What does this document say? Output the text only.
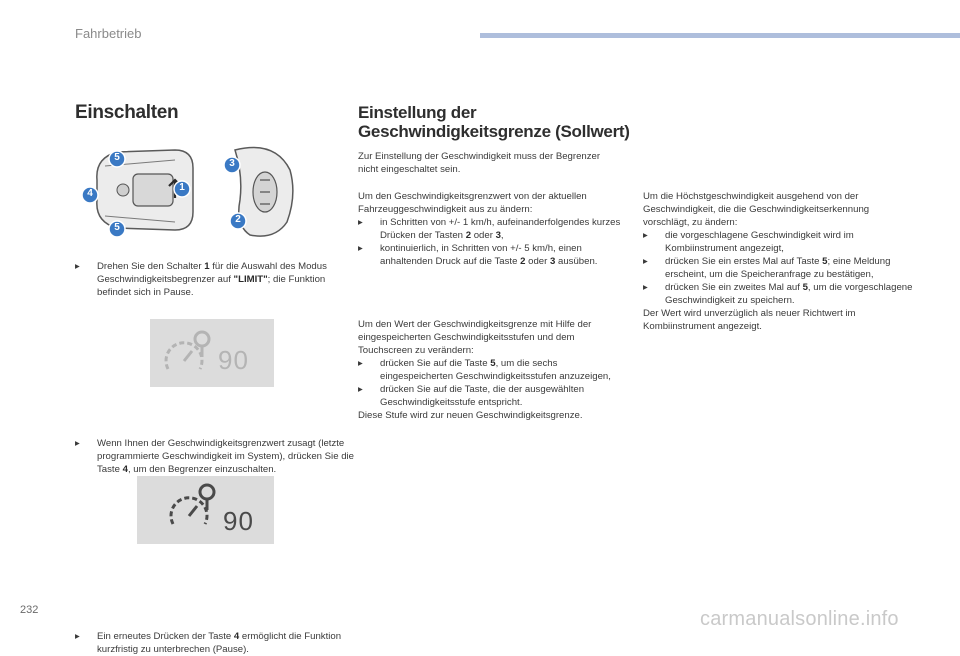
Fahrbetrieb
Einschalten
5
4
5
1
3
2
▸ Drehen Sie den Schalter 1 für die Auswahl des Modus Geschwindigkeitsbegrenzer auf "LIMIT"; die Funktion befindet sich in Pause.
90
▸ Wenn Ihnen der Geschwindigkeitsgrenzwert zusagt (letzte programmierte Geschwindigkeit im System), drücken Sie die Taste 4, um den Begrenzer einzuschalten.
90
▸ Ein erneutes Drücken der Taste 4 ermöglicht die Funktion kurzfristig zu unterbrechen (Pause).
Einstellung der
Geschwindigkeitsgrenze (Sollwert)
Zur Einstellung der Geschwindigkeit muss der Begrenzer nicht eingeschaltet sein.
Um den Geschwindigkeitsgrenzwert von der aktuellen Fahrzeuggeschwindigkeit aus zu ändern:
▸ in Schritten von +/- 1 km/h, aufeinanderfolgendes kurzes Drücken der Tasten 2 oder 3,
▸ kontinuierlich, in Schritten von +/- 5 km/h, einen anhaltenden Druck auf die Taste 2 oder 3 ausüben.
Um den Wert der Geschwindigkeitsgrenze mit Hilfe der eingespeicherten Geschwindigkeitsstufen und dem Touchscreen zu verändern:
▸ drücken Sie auf die Taste 5, um die sechs eingespeicherten Geschwindigkeitsstufen anzuzeigen,
▸ drücken Sie auf die Taste, die der ausgewählten Geschwindigkeitsstufe entspricht.
Diese Stufe wird zur neuen Geschwindigkeitsgrenze.
Um die Höchstgeschwindigkeit ausgehend von der Geschwindigkeit, die die Geschwindigkeitserkennung vorschlägt, zu ändern:
▸ die vorgeschlagene Geschwindigkeit wird im Kombiinstrument angezeigt,
▸ drücken Sie ein erstes Mal auf Taste 5; eine Meldung erscheint, um die Speicheranfrage zu bestätigen,
▸ drücken Sie ein zweites Mal auf 5, um die vorgeschlagene Geschwindigkeit zu speichern.
Der Wert wird unverzüglich als neuer Richtwert im Kombiinstrument angezeigt.
232	carmanualsonline.info
